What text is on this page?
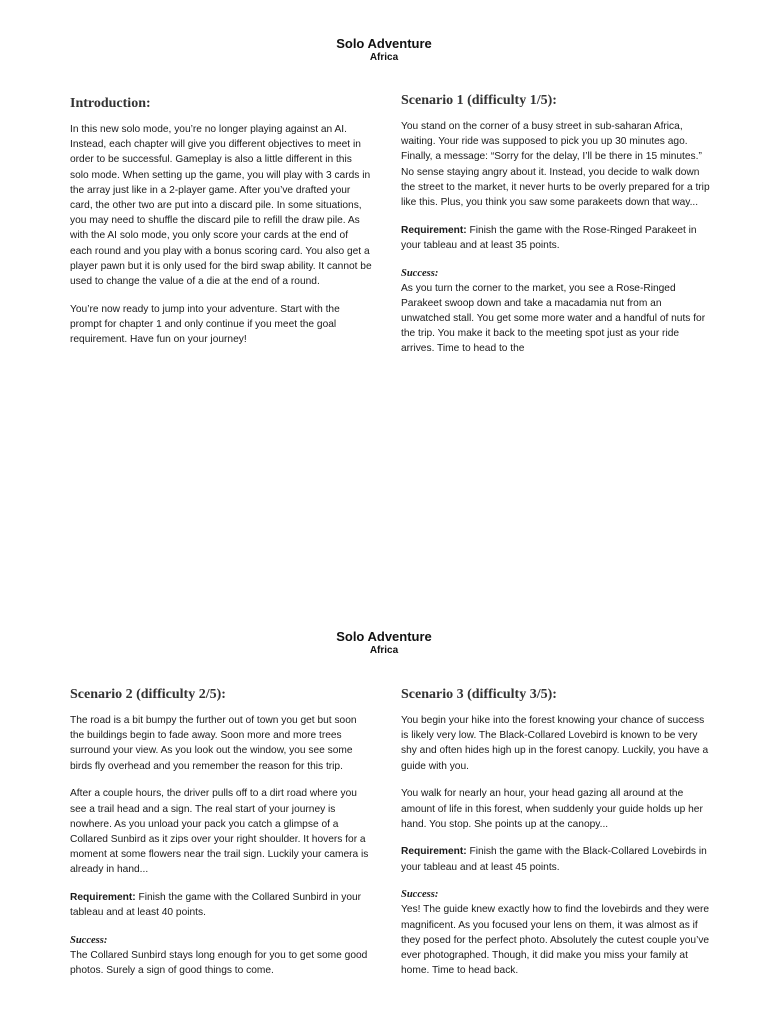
Solo Adventure
Africa
Introduction:

In this new solo mode, you’re no longer playing against an AI. Instead, each chapter will give you different objectives to meet in order to be successful. Gameplay is also a little different in this solo mode. When setting up the game, you will play with 3 cards in the array just like in a 2-player game. After you’ve drafted your card, the other two are put into a discard pile. In some situations, you may need to shuffle the discard pile to refill the draw pile. As with the AI solo mode, you only score your cards at the end of each round and you play with a bonus scoring card. You also get a player pawn but it is only used for the bird swap ability. It cannot be used to change the value of a die at the end of a round.

You’re now ready to jump into your adventure. Start with the prompt for chapter 1 and only continue if you meet the goal requirement. Have fun on your journey!

Scenario 1 (difficulty 1/5):

You stand on the corner of a busy street in sub-saharan Africa, waiting. Your ride was supposed to pick you up 30 minutes ago. Finally, a message: “Sorry for the delay, I’ll be there in 15 minutes.”

No sense staying angry about it. Instead, you decide to walk down the street to the market, it never hurts to be overly prepared for a trip like this. Plus, you think you saw some parakeets down that way...

Requirement: Finish the game with the Rose-Ringed Parakeet in your tableau and at least 35 points.

Success:
As you turn the corner to the market, you see a Rose-Ringed Parakeet swoop down and take a macadamia nut from an unwatched stall. You get some more water and a handful of nuts for the trip. You make it back to the meeting spot just as your ride arrives. Time to head to the

Solo Adventure
Africa
Scenario 2 (difficulty 2/5):

The road is a bit bumpy the further out of town you get but soon the buildings begin to fade away. Soon more and more trees surround your view. As you look out the window, you see some birds fly overhead and you remember the reason for this trip.

After a couple hours, the driver pulls off to a dirt road where you see a trail head and a sign. The real start of your journey is nowhere. As you unload your pack you catch a glimpse of a Collared Sunbird as it zips over your right shoulder. It hovers for a moment at some flowers near the trail sign. Luckily your camera is already in hand...

Requirement: Finish the game with the Collared Sunbird in your tableau and at least 40 points.

Success:
The Collared Sunbird stays long enough for you to get some good photos. Surely a sign of good things to come.

Scenario 3 (difficulty 3/5):

You begin your hike into the forest knowing your chance of success is likely very low. The Black-Collared Lovebird is known to be very shy and often hides high up in the forest canopy. Luckily, you have a guide with you.

You walk for nearly an hour, your head gazing all around at the amount of life in this forest, when suddenly your guide holds up her hand. You stop. She points up at the canopy...

Requirement: Finish the game with the Black-Collared Lovebirds in your tableau and at least 45 points.

Success:
Yes! The guide knew exactly how to find the lovebirds and they were magnificent. As you focused your lens on them, it was almost as if they posed for the perfect photo. Absolutely the cutest couple you’ve ever photographed. Though, it did make you miss your family at home. Time to head back.
